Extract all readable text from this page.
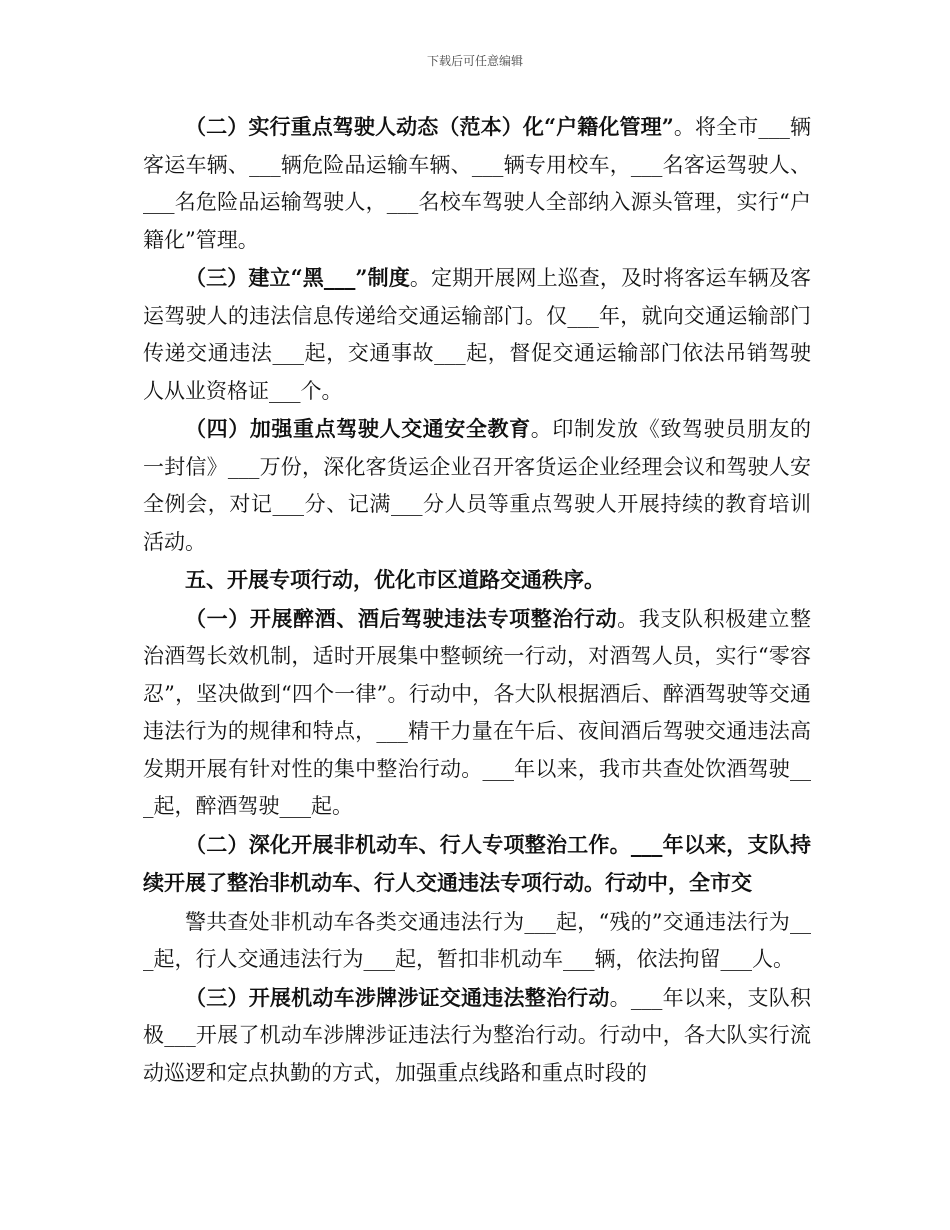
下载后可任意编辑

（二）实行重点驾驶人动态（范本）化“户籍化管理”。将全市___辆客运车辆、___辆危险品运输车辆、___辆专用校车，___名客运驾驶人、___名危险品运输驾驶人，___名校车驾驶人全部纳入源头管理，实行“户籍化”管理。

（三）建立“黑___”制度。定期开展网上巡查，及时将客运车辆及客运驾驶人的违法信息传递给交通运输部门。仅___年，就向交通运输部门传递交通违法___起，交通事故___起，督促交通运输部门依法吊销驾驶人从业资格证___个。

（四）加强重点驾驶人交通安全教育。印制发放《致驾驶员朋友的一封信》___万份，深化客货运企业召开客货运企业经理会议和驾驶人安全例会，对记___分、记满___分人员等重点驾驶人开展持续的教育培训活动。

五、开展专项行动，优化市区道路交通秩序。

（一）开展醉酒、酒后驾驶违法专项整治行动。我支队积极建立整治酒驾长效机制，适时开展集中整顿统一行动，对酒驾人员，实行“零容忍”，坚决做到“四个一律”。行动中，各大队根据酒后、醉酒驾驶等交通违法行为的规律和特点，___精干力量在午后、夜间酒后驾驶交通违法高发期开展有针对性的集中整治行动。___年以来，我市共查处饮酒驾驶___起，醉酒驾驶___起。

（二）深化开展非机动车、行人专项整治工作。___年以来，支队持续开展了整治非机动车、行人交通违法专项行动。行动中，全市交

警共查处非机动车各类交通违法行为___起，“残的”交通违法行为___起，行人交通违法行为___起，暂扣非机动车___辆，依法拘留___人。

（三）开展机动车涉牌涉证交通违法整治行动。___年以来，支队积极___开展了机动车涉牌涉证违法行为整治行动。行动中，各大队实行流动巡逻和定点执勤的方式，加强重点线路和重点时段的
